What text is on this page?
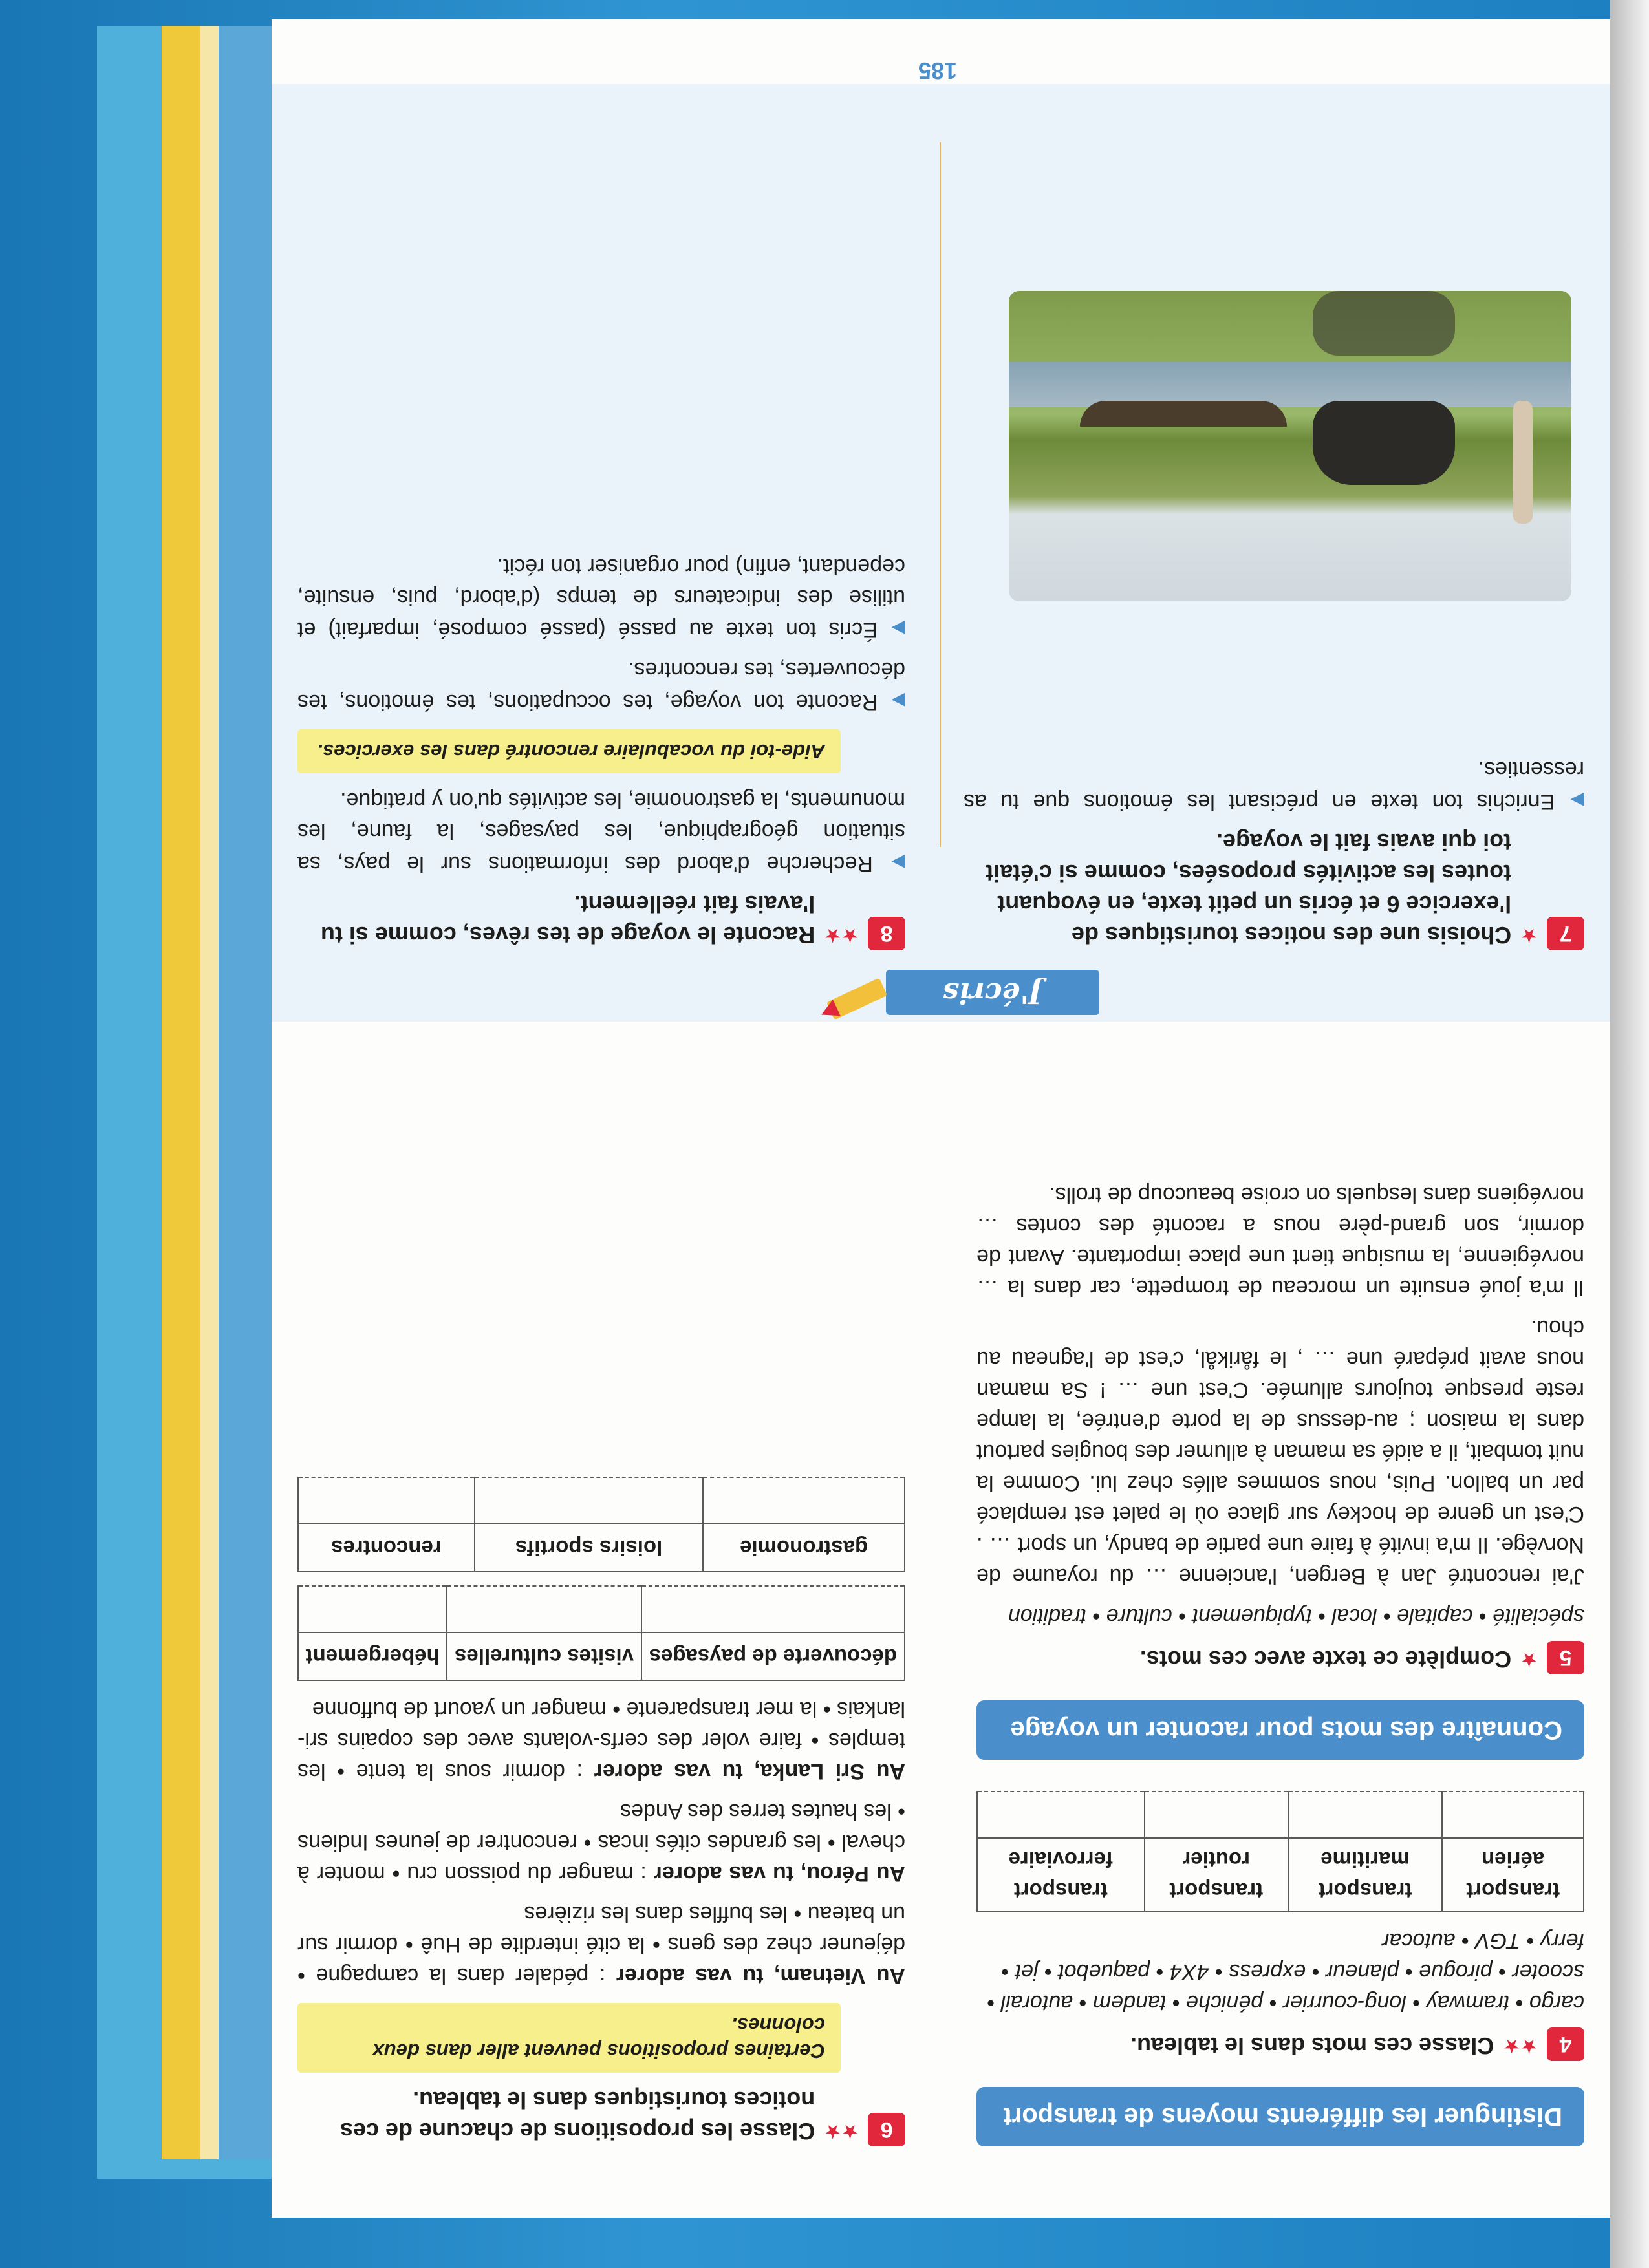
Distinguer les différents moyens de transport
4
★★
Classe ces mots dans le tableau.
cargo • tramway • long-courrier • péniche • tandem • autorail • scooter • pirogue • planeur • express • 4X4 • paquebot • jet • ferry • TGV • autocar
transport aérien	transport maritime	transport routier	transport ferroviaire

Connaître des mots pour raconter un voyage
5
★
Complète ce texte avec ces mots.
spécialité • capitale • local • typiquement • culture • tradition
J'ai rencontré Jan à Bergen, l'ancienne … du royaume de Norvège. Il m'a invité à faire une partie de bandy, un sport … . C'est un genre de hockey sur glace où le palet est remplacé par un ballon. Puis, nous sommes allés chez lui. Comme la nuit tombait, il a aidé sa maman à allumer des bougies partout dans la maison ; au-dessus de la porte d'entrée, la lampe reste presque toujours allumée. C'est une … ! Sa maman nous avait préparé une … , le fårikål, c'est de l'agneau au chou.
Il m'a joué ensuite un morceau de trompette, car dans la … norvégienne, la musique tient une place importante. Avant de dormir, son grand-père nous a raconté des contes … norvégiens dans lesquels on croise beaucoup de trolls.
6
★★
Classe les propositions de chacune de ces notices touristiques dans le tableau.
Certaines propositions peuvent aller dans deux colonnes.
Au Vietnam, tu vas adorer : pédaler dans la campagne • déjeuner chez des gens • la cité interdite de Huê • dormir sur un bateau • les buffles dans les rizières
Au Pérou, tu vas adorer : manger du poisson cru • monter à cheval • les grandes cités incas • rencontrer de jeunes Indiens • les hautes terres des Andes
Au Sri Lanka, tu vas adorer : dormir sous la tente • les temples • faire voler des cerfs-volants avec des copains sri-lankais • la mer transparente • manger un yaourt de buffonne
découverte de paysages	visites culturelles	hébergement

gastronomie	loisirs sportifs	rencontres

J'écris
7
★
Choisis une des notices touristiques de l'exercice 6 et écris un petit texte, en évoquant toutes les activités proposées, comme si c'était toi qui avais fait le voyage.
▶Enrichis ton texte en précisant les émotions que tu as ressenties.
8
★★
Raconte le voyage de tes rêves, comme si tu l'avais fait réellement.
▶Recherche d'abord des informations sur le pays, sa situation géographique, les paysages, la faune, les monuments, la gastronomie, les activités qu'on y pratique.
Aide-toi du vocabulaire rencontré dans les exercices.
▶Raconte ton voyage, tes occupations, tes émotions, tes découvertes, tes rencontres.
▶Écris ton texte au passé (passé composé, imparfait) et utilise des indicateurs de temps (d'abord, puis, ensuite, cependant, enfin) pour organiser ton récit.
185
